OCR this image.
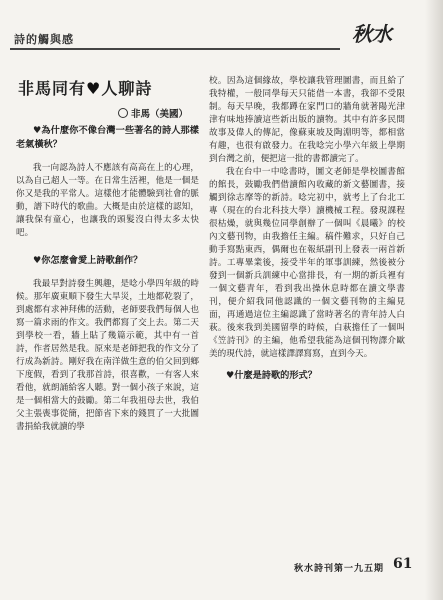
詩的觸與感	秋水
非馬同有♥人聊詩
非馬（美國）

♥為什麼你不像台灣一些著名的詩人那樣老氣橫秋？

我一向認為詩人不應該有高高在上的心理，以為自己超人一等。在日常生活裡，他是一個是你又是我的平常人。這樣他才能體驗到社會的脈動，譜下時代的歌曲。大概是由於這樣的認知，讓我保有童心，也讓我的頭髮沒白得太多太快吧。

♥你怎麼會愛上詩歌創作？

我最早對詩發生興趣，是唸小學四年級的時候。那年廣東順下發生大旱災，土地都乾裂了，到處都有求神拜佛的活動，老師要我們每個人也寫一篇求雨的作文。我們都寫了交上去。第二天到學校一看，牆上貼了幾篇示範，其中有一首詩，作者居然是我。原來是老師把我的作文分了行成為新詩。剛好我在南洋做生意的伯父回到鄉下度假，看到了我那首詩，很喜歡，一有客人來看他，就朗誦給客人聽。對一個小孩子來說，這是一個相當大的鼓勵。第二年我祖母去世，我伯父主張喪事從簡，把節省下來的錢買了一大批圖書捐給我就讀的學

校。因為這個緣故，學校讓我管理圖書，而且給了我特權，一般同學每天只能借一本書，我卻不受限制。每天早晚，我都蹲在家門口的牆角就著陽光津津有味地捧讀這些新出版的讀物。其中有許多民間故事及偉人的傳記，像蘇東坡及陶淵明等，都相當有趣，也很有啟發力。在我唸完小學六年級上學期到台灣之前，便把這一批的書都讀完了。

我在台中一中唸書時，圖文老師是學校圖書館的館長，鼓勵我們借讀館內收藏的新文藝圖書，接觸到徐志摩等的新詩。唸完初中，就考上了台北工專（現在的台北科技大學）讀機械工程。發現課程很枯燥，就與幾位同學創辦了一個叫《晨曦》的校內文藝刊物，由我擔任主編。稿件難求，只好自己動手寫點東西，偶爾也在報紙副刊上發表一兩首新詩。工專畢業後，接受半年的軍事訓練，然後被分發到一個新兵訓練中心當排長，有一期的新兵裡有一個文藝青年，看到我出操休息時都在讀文學書刊，便介紹我同他認識的一個文藝刊物的主編見面，再通過這位主編認識了當時著名的青年詩人白萩。後來我到美國留學的時候，白萩擔任了一個叫《笠詩刊》的主編，他希望我能為這個刊物譯介歐美的現代詩，就這樣譯譯寫寫，直到今天。

♥什麼是詩歌的形式？

秋水詩刊第一九五期 61
